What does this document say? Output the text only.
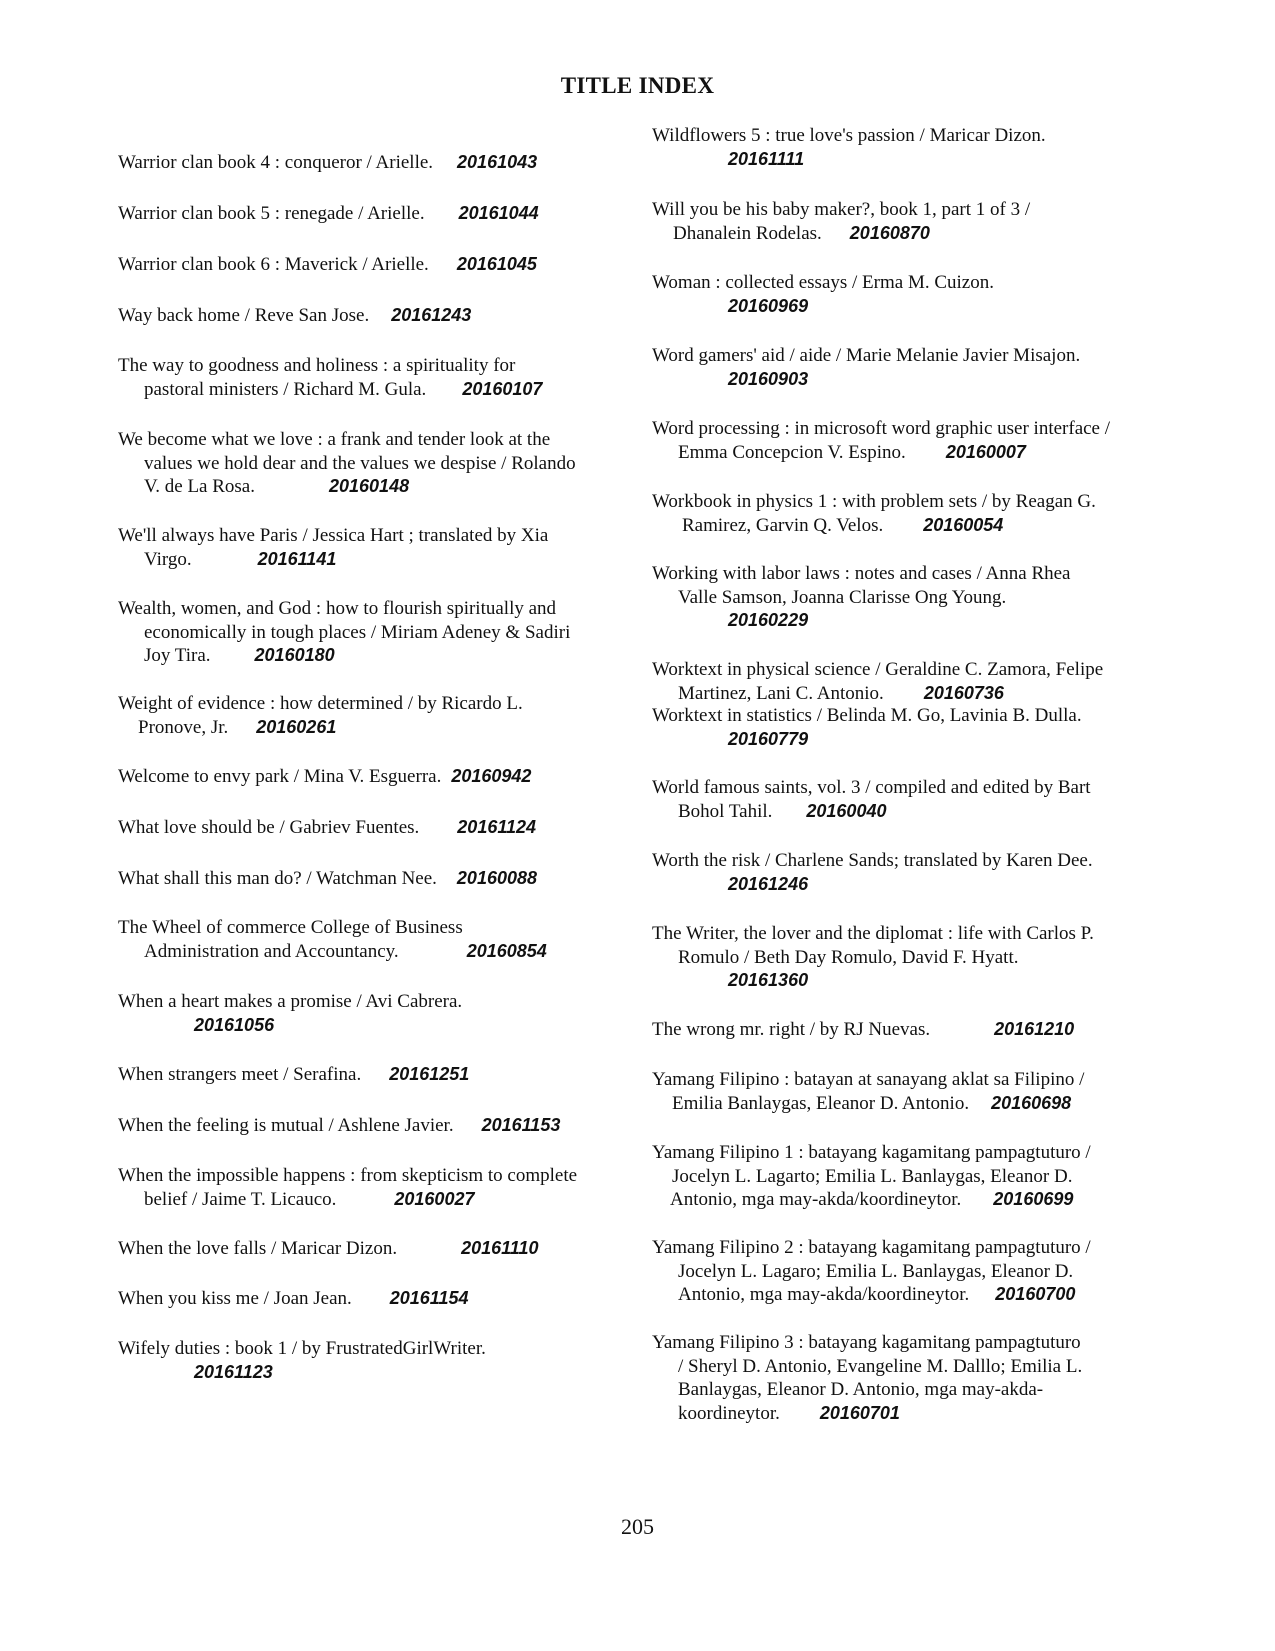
TITLE INDEX
Warrior clan book 4 : conqueror / Arielle. 20161043
Warrior clan book 5 : renegade / Arielle. 20161044
Warrior clan book 6 : Maverick / Arielle. 20161045
Way back home / Reve San Jose. 20161243
The way to goodness and holiness : a spirituality for
pastoral ministers / Richard M. Gula. 20160107
We become what we love : a frank and tender look at the
values we hold dear and the values we despise / Rolando
V. de La Rosa.	20160148
We'll always have Paris / Jessica Hart ; translated by Xia
Virgo.	20161141
Wealth, women, and God : how to flourish spiritually and
economically in tough places / Miriam Adeney & Sadiri
Joy Tira. 20160180
Weight of evidence : how determined / by Ricardo L.
Pronove, Jr. 20160261
Welcome to envy park / Mina V. Esguerra. 20160942
What love should be / Gabriev Fuentes. 20161124
What shall this man do? / Watchman Nee. 20160088
The Wheel of commerce College of Business
Administration and Accountancy.	20160854
When a heart makes a promise / Avi Cabrera.
20161056
When strangers meet / Serafina. 20161251
When the feeling is mutual / Ashlene Javier. 20161153
When the impossible happens : from skepticism to complete
belief / Jaime T. Licauco.	20160027
When the love falls / Maricar Dizon.	20161110
When you kiss me / Joan Jean. 20161154
Wifely duties : book 1 / by FrustratedGirlWriter.
20161123
Wildflowers 5 : true love's passion / Maricar Dizon.
20161111
Will you be his baby maker?, book 1, part 1 of 3 /
Dhanalein Rodelas. 20160870
Woman : collected essays / Erma M. Cuizon.
20160969
Word gamers' aid / aide / Marie Melanie Javier Misajon.
20160903
Word processing : in microsoft word graphic user interface /
Emma Concepcion V. Espino. 20160007
Workbook in physics 1 : with problem sets / by Reagan G.
Ramirez, Garvin Q. Velos. 20160054
Working with labor laws : notes and cases / Anna Rhea
Valle Samson, Joanna Clarisse Ong Young.
20160229
Worktext in physical science / Geraldine C. Zamora, Felipe
Martinez, Lani C. Antonio. 20160736
Worktext in statistics / Belinda M. Go, Lavinia B. Dulla.
20160779
World famous saints, vol. 3 / compiled and edited by Bart
Bohol Tahil. 20160040
Worth the risk / Charlene Sands; translated by Karen Dee.
20161246
The Writer, the lover and the diplomat : life with Carlos P.
Romulo / Beth Day Romulo, David F. Hyatt.
20161360
The wrong mr. right / by RJ Nuevas.	20161210
Yamang Filipino : batayan at sanayang aklat sa Filipino /
Emilia Banlaygas, Eleanor D. Antonio. 20160698
Yamang Filipino 1 : batayang kagamitang pampagtuturo /
Jocelyn L. Lagarto; Emilia L. Banlaygas, Eleanor D.
Antonio, mga may-akda/koordineytor. 20160699
Yamang Filipino 2 : batayang kagamitang pampagtuturo /
Jocelyn L. Lagaro; Emilia L. Banlaygas, Eleanor D.
Antonio, mga may-akda/koordineytor. 20160700
Yamang Filipino 3 : batayang kagamitang pampagtuturo
/ Sheryl D. Antonio, Evangeline M. Dalllo; Emilia L.
Banlaygas, Eleanor D. Antonio, mga may-akda-
koordineytor. 20160701
205
